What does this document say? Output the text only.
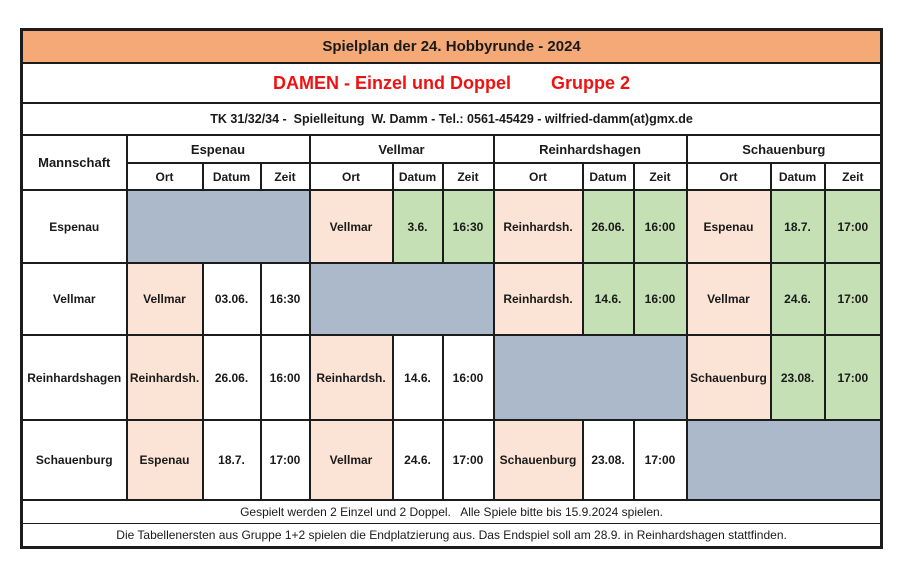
Spielplan der 24. Hobbyrunde - 2024												

DAMEN - Einzel und Doppel Gruppe 2												

TK 31/32/34 -  Spielleitung  W. Damm - Tel.: 0561-45429 - wilfried-damm(at)gmx.de												
Mannschaft	Espenau			Vellmar			Reinhardshagen			Schauenburg		
	Ort	Datum	Zeit	Ort	Datum	Zeit	Ort	Datum	Zeit	Ort	Datum	Zeit
Espenau				Vellmar	3.6.	16:30	Reinhardsh.	26.06.	16:00	Espenau	18.7.	17:00
Vellmar	Vellmar	03.06.	16:30				Reinhardsh.	14.6.	16:00	Vellmar	24.6.	17:00
Reinhardshagen	Reinhardsh.	26.06.	16:00	Reinhardsh.	14.6.	16:00				Schauenburg	23.08.	17:00
Schauenburg	Espenau	18.7.	17:00	Vellmar	24.6.	17:00	Schauenburg	23.08.	17:00			
Gespielt werden 2 Einzel und 2 Doppel.   Alle Spiele bitte bis 15.9.2024 spielen.												
Die Tabellenersten aus Gruppe 1+2 spielen die Endplatzierung aus. Das Endspiel soll am 28.9. in Reinhardshagen stattfinden.												
